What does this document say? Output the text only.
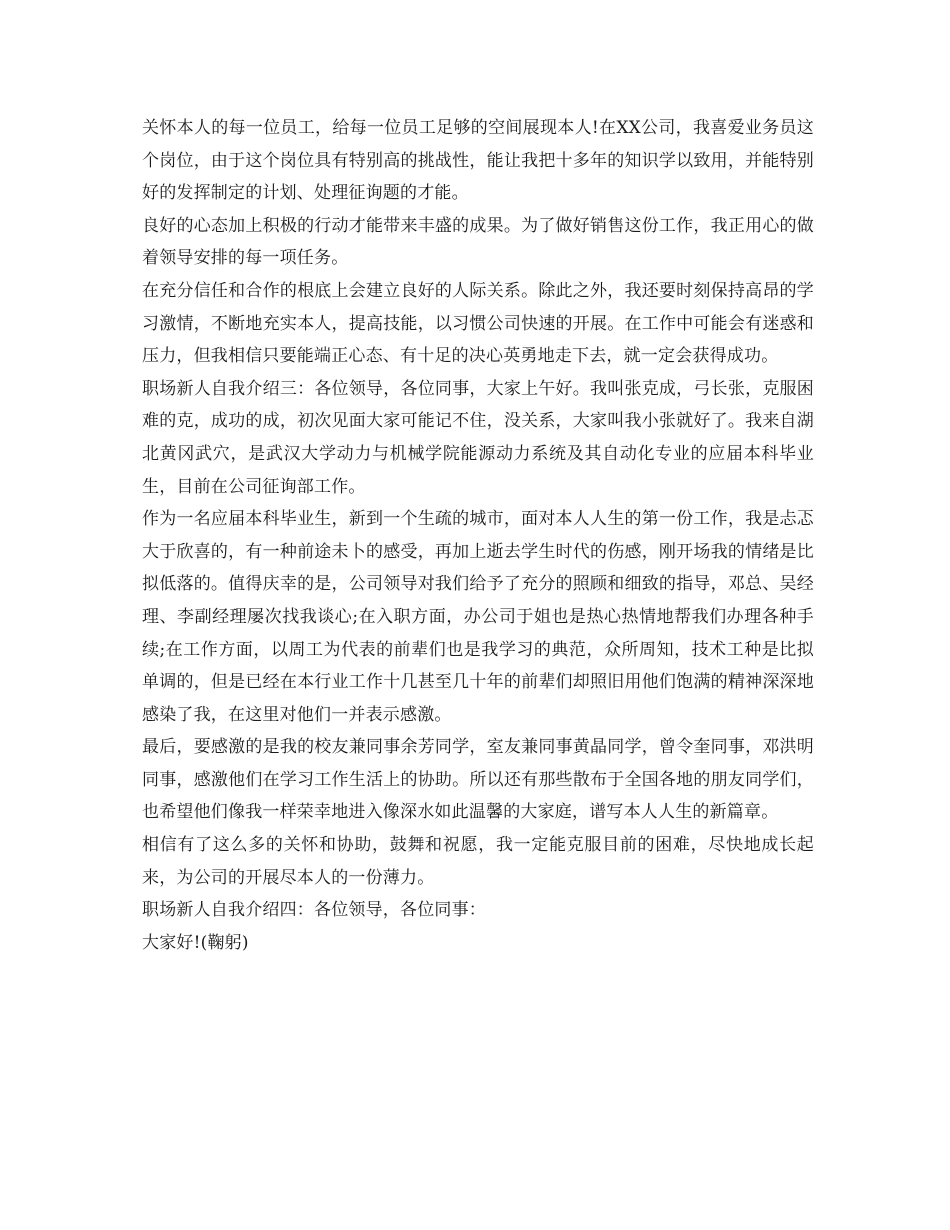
关怀本人的每一位员工，给每一位员工足够的空间展现本人!在XX公司，我喜爱业务员这个岗位，由于这个岗位具有特别高的挑战性，能让我把十多年的知识学以致用，并能特别好的发挥制定的计划、处理征询题的才能。

良好的心态加上积极的行动才能带来丰盛的成果。为了做好销售这份工作，我正用心的做着领导安排的每一项任务。

在充分信任和合作的根底上会建立良好的人际关系。除此之外，我还要时刻保持高昂的学习激情，不断地充实本人，提高技能，以习惯公司快速的开展。在工作中可能会有迷惑和压力，但我相信只要能端正心态、有十足的决心英勇地走下去，就一定会获得成功。

职场新人自我介绍三：各位领导，各位同事，大家上午好。我叫张克成，弓长张，克服困难的克，成功的成，初次见面大家可能记不住，没关系，大家叫我小张就好了。我来自湖北黄冈武穴，是武汉大学动力与机械学院能源动力系统及其自动化专业的应届本科毕业生，目前在公司征询部工作。

作为一名应届本科毕业生，新到一个生疏的城市，面对本人人生的第一份工作，我是忐忑大于欣喜的，有一种前途未卜的感受，再加上逝去学生时代的伤感，刚开场我的情绪是比拟低落的。值得庆幸的是，公司领导对我们给予了充分的照顾和细致的指导，邓总、吴经理、李副经理屡次找我谈心;在入职方面，办公司于姐也是热心热情地帮我们办理各种手续;在工作方面，以周工为代表的前辈们也是我学习的典范，众所周知，技术工种是比拟单调的，但是已经在本行业工作十几甚至几十年的前辈们却照旧用他们饱满的精神深深地感染了我，在这里对他们一并表示感激。

最后，要感激的是我的校友兼同事余芳同学，室友兼同事黄晶同学，曾令奎同事，邓洪明同事，感激他们在学习工作生活上的协助。所以还有那些散布于全国各地的朋友同学们，也希望他们像我一样荣幸地进入像深水如此温馨的大家庭，谱写本人人生的新篇章。

相信有了这么多的关怀和协助，鼓舞和祝愿，我一定能克服目前的困难，尽快地成长起来，为公司的开展尽本人的一份薄力。

职场新人自我介绍四：各位领导，各位同事：

大家好!(鞠躬)
